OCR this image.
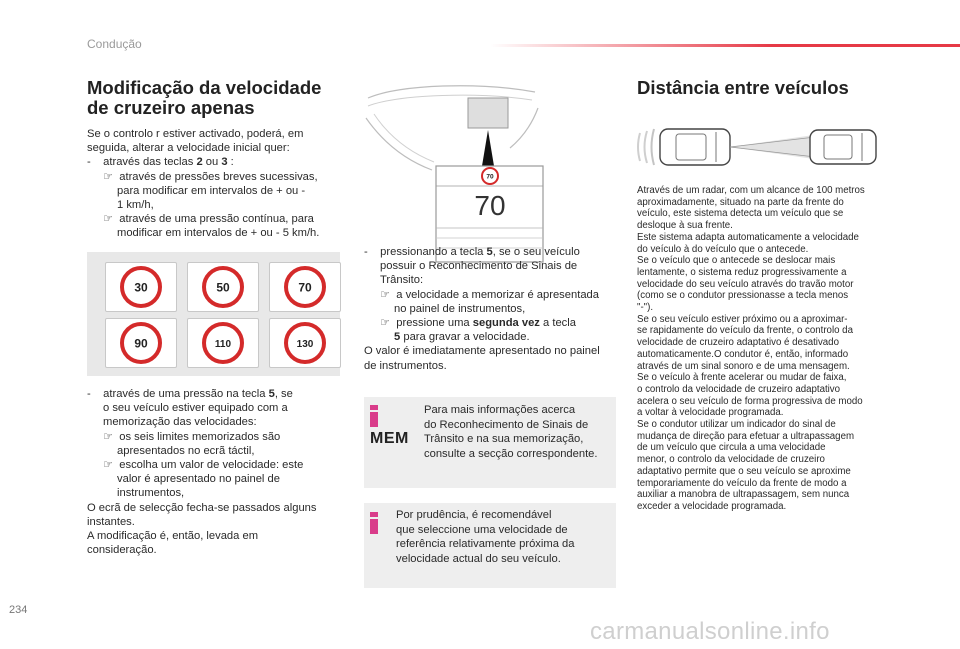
Condução
Modificação da velocidade
de cruzeiro apenas

Se o controlo r estiver activado, poderá, em

seguida, alterar a velocidade inicial quer:

-    através das teclas 2 ou 3 :

☞  através de pressões breves sucessivas,

para modificar em intervalos de + ou -

1 km/h,

☞  através de uma pressão contínua, para

modificar em intervalos de + ou - 5 km/h.

30	50	70
90	110	130

-    através de uma pressão na tecla 5, se

o seu veículo estiver equipado com a

memorização das velocidades:

☞  os seis limites memorizados são

apresentados no ecrã táctil,

☞  escolha um valor de velocidade: este

valor é apresentado no painel de

instrumentos,

O ecrã de selecção fecha-se passados alguns

instantes.

A modificação é, então, levada em

consideração.

70
70

-    pressionando a tecla 5, se o seu veículo

possuir o Reconhecimento de Sinais de

Trânsito:

☞  a velocidade a memorizar é apresentada

no painel de instrumentos,

☞  pressione uma segunda vez a tecla

5 para gravar a velocidade.

O valor é imediatamente apresentado no painel

de instrumentos.

MEM
Para mais informações acerca
do Reconhecimento de Sinais de
Trânsito e na sua memorização,
consulte a secção correspondente.
Por prudência, é recomendável
que seleccione uma velocidade de
referência relativamente próxima da
velocidade actual do seu veículo.
Distância entre veículos

Através de um radar, com um alcance de 100 metros

aproximadamente, situado na parte da frente do

veículo, este sistema detecta um veículo que se

desloque à sua frente.

Este sistema adapta automaticamente a velocidade

do veículo à do veículo que o antecede.

Se o veículo que o antecede se deslocar mais

lentamente, o sistema reduz progressivamente a

velocidade do seu veículo através do travão motor

(como se o condutor pressionasse a tecla menos

"-").

Se o seu veículo estiver próximo ou a aproximar-

se rapidamente do veículo da frente, o controlo da

velocidade de cruzeiro adaptativo é desativado

automaticamente.O condutor é, então, informado

através de um sinal sonoro e de uma mensagem.

Se o veículo à frente acelerar ou mudar de faixa,

o controlo da velocidade de cruzeiro adaptativo

acelera o seu veículo de forma progressiva de modo

a voltar à velocidade programada.

Se o condutor utilizar um indicador do sinal de

mudança de direção para efetuar a ultrapassagem

de um veículo que circula a uma velocidade

menor, o controlo da velocidade de cruzeiro

adaptativo permite que o seu veículo se aproxime

temporariamente do veículo da frente de modo a

auxiliar a manobra de ultrapassagem, sem nunca

exceder a velocidade programada.

234
carmanualsonline.info
